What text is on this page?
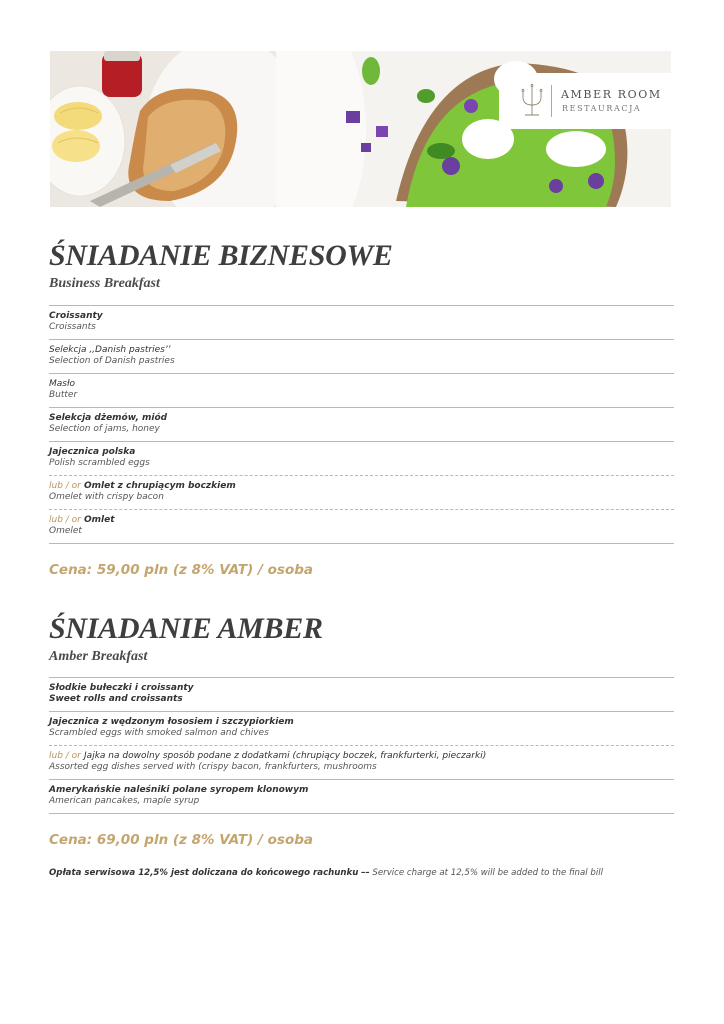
AMBER ROOM
RESTAURACJA
ŚNIADANIE BIZNESOWE
Business Breakfast
Croissanty
Croissants
Selekcja ,,Danish pastries’’
Selection of Danish pastries
Masło
Butter
Selekcja dżemów, miód
Selection of jams, honey
Jajecznica polska
Polish scrambled eggs
lub / or Omlet z chrupiącym boczkiem
Omelet with crispy bacon
lub / or Omlet
Omelet
Cena: 59,00 pln (z 8% VAT) / osoba
ŚNIADANIE AMBER
Amber Breakfast
Słodkie bułeczki i croissanty
Sweet rolls and croissants
Jajecznica z wędzonym łososiem i szczypiorkiem
Scrambled eggs with smoked salmon and chives
lub / or Jajka na dowolny sposób podane z dodatkami (chrupiący boczek, frankfurterki, pieczarki)
Assorted egg dishes served with (crispy bacon, frankfurters, mushrooms
Amerykańskie naleśniki polane syropem klonowym
American pancakes, maple syrup
Cena: 69,00 pln (z 8% VAT) / osoba
Opłata serwisowa 12,5% jest doliczana do końcowego rachunku –– Service charge at 12,5% will be added to the final bill
